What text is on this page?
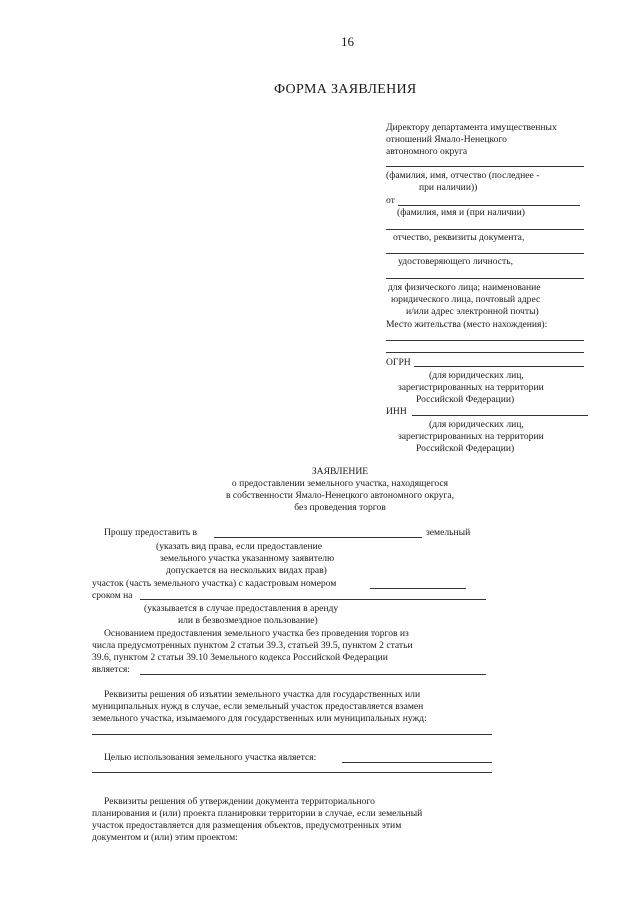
16
ФОРМА ЗАЯВЛЕНИЯ
Директору департамента имущественных
отношений Ямало-Ненецкого
автономного округа
(фамилия, имя, отчество (последнее -
при наличии))
от
(фамилия, имя и (при наличии)
отчество, реквизиты документа,
удостоверяющего личность,
для физического лица; наименование
юридического лица, почтовый адрес
и/или адрес электронной почты)
Место жительства (место нахождения):
ОГРН
(для юридических лиц,
зарегистрированных на территории
Российской Федерации)
ИНН
(для юридических лиц,
зарегистрированных на территории
Российской Федерации)
ЗАЯВЛЕНИЕ
о предоставлении земельного участка, находящегося
в собственности Ямало-Ненецкого автономного округа,
без проведения торгов
Прошу предоставить в	земельный
(указать вид права, если предоставление
земельного участка указанному заявителю
допускается на нескольких видах прав)
участок (часть земельного участка) с кадастровым номером
сроком на
(указывается в случае предоставления в аренду
или в безвозмездное пользование)
Основанием предоставления земельного участка без проведения торгов из
числа предусмотренных пунктом 2 статьи 39.3, статьей 39.5, пунктом 2 статьи
39.6, пунктом 2 статьи 39.10 Земельного кодекса Российской Федерации
является:
Реквизиты решения об изъятии земельного участка для государственных или
муниципальных нужд в случае, если земельный участок предоставляется взамен
земельного участка, изымаемого для государственных или муниципальных нужд:
Целью использования земельного участка является:
Реквизиты решения об утверждении документа территориального
планирования и (или) проекта планировки территории в случае, если земельный
участок предоставляется для размещения объектов, предусмотренных этим
документом и (или) этим проектом:
